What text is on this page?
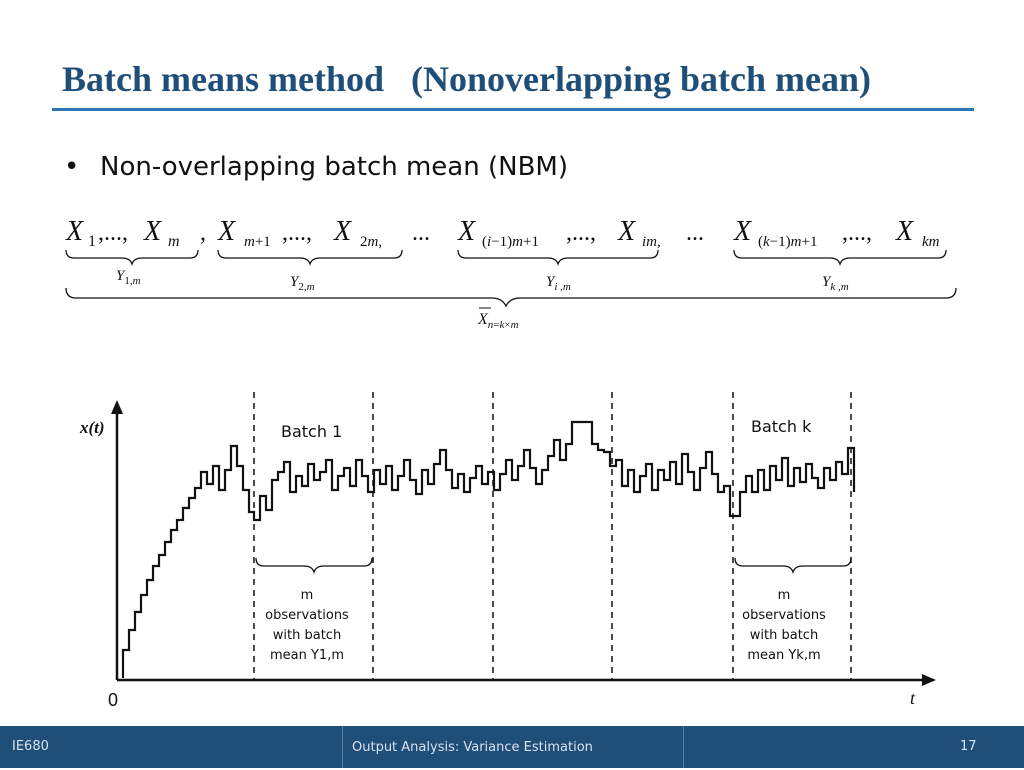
Batch means method   (Nonoverlapping batch mean)
• Non-overlapping batch mean (NBM)
X 1 ,..., X m , X m+1 ,..., X 2m, ... X (i−1)m+1 ,..., X im, ... X (k−1)m+1 ,..., X km
$Y_{1,}m$	$Y_{2,}m$	$Y_i$ ,m	$Y_k$ ,m
$X_n=k\times m$
x(t)
0	t
Batch 1	Batch k
m
observations
with batch
mean Y1,m
m
observations
with batch
mean Yk,m
IE680	Output Analysis: Variance Estimation	17
